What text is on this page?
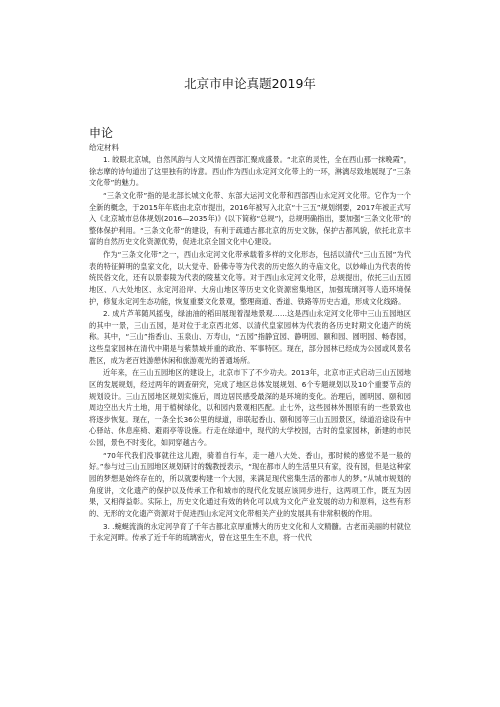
北京市申论真题2019年
申论
给定材料

1. 皎眼北京城，自然风韵与人文风情在西部汇聚成盛景。“北京的灵性，全在西山那一抹晚霞”，徐志摩的诗句道出了这里独有的诗意。西山作为西山永定河文化带上的一环，淋漓尽致地展现了“三条文化带”的魅力。

“三条文化带”指的是北部长城文化带、东部大运河文化带和西部西山永定河文化带。它作为一个全新的概念，于2015年年底由北京市提出，2016年被写入北京“十三五”规划纲要，2017年被正式写入《北京城市总体规划(2016—2035年)》(以下简称“总规”)，总规明确指出，要加强“三条文化带”的整体保护利用。“三条文化带”的建设，有利于疏通古都北京的历史文脉，保护古都风貌，依托北京丰富的自然历史文化资源优势，促进北京全国文化中心建设。

作为“三条文化带”之一，西山永定河文化带承载着多样的文化形态，包括以清代“三山五园”为代表的特征鲜明的皇家文化，以大觉寺、卧佛寺等为代表的历史悠久的寺庙文化，以妙峰山为代表的传统民俗文化，还有以景泰陵为代表的陵墓文化等。对于西山永定河文化带，总规提出，依托三山五园地区、八大处地区、永定河沿岸、大房山地区等历史文化资源密集地区，加强琉璃河等人造环境保护，修复永定河生态功能，恢复重要文化景观，整理商道、香道、铁路等历史古道，形成文化线路。

2. 成片芦苇随风摇曳，绿油油的稻田展现着湿地景观……这是西山永定河文化带中三山五园地区的其中一景，三山五园，是对位于北京西北郊、以清代皇家园林为代表的各历史时期文化遗产的统称。其中，“三山”指香山、玉泉山、万寿山，“五园”指静宜园、静明园、颐和园、圆明园、畅春园，这些皇家园林在清代中期是与紫禁城并重的政治、军事特区。现在，部分园林已经成为公园或风景名胜区，成为老百姓游憩休闲和旅游观光的普通场所。

近年来，在三山五园地区的建设上，北京市下了不少功夫。2013年，北京市正式启动三山五园地区的发展规划，经过两年的调查研究，完成了地区总体发展规划、6个专题规划以及10个重要节点的规划设计。三山五园地区规划实施后，周边居民感受最深的是环境的变化。治理后，圆明园、颐和园周边空出大片土地，用于植树绿化，以和园内景观相匹配。止七外，这些园林外围原有的一些景致也将逐步恢复。现在，一条全长36公里的绿道，串联起香山、颐和园等三山五园景区，绿道沿途设有中心驿站、休息座椅、避雨亭等设施。行走在绿道中，现代的大学校园，古时的皇家园林，新建的市民公园，景色不时变化，如同穿越古今。

“70年代我们没事就往这儿跑，骑着自行车，走一趟八大处、香山，那时候的感觉不是一般的好。”参与过三山五园地区规划研讨的魏教授表示，“现在都市人的生活里只有家，没有园，但是这种家园的梦想是始终存在的，所以就要构建一个大园，来满足现代密集生活的都市人的梦。”从城市规划的角度讲，文化遗产的保护以及传承工作和城市的现代化发展应该同步进行，这两项工作，既互为因果，又相得益彰。实际上，历史文化通过有效的转化可以成为文化产业发展的动力和原料，这些有形的、无形的文化遗产资源对于促进西山永定河文化带相关产业的发展具有非常积极的作用。

3. .蜿蜒流淌的永定河孕育了千年古都北京厚重博大的历史文化和人文精髓。古老而美丽的村就位于永定河畔。传承了近千年的琉璃密火，曾在这里生生不息，将一代代
